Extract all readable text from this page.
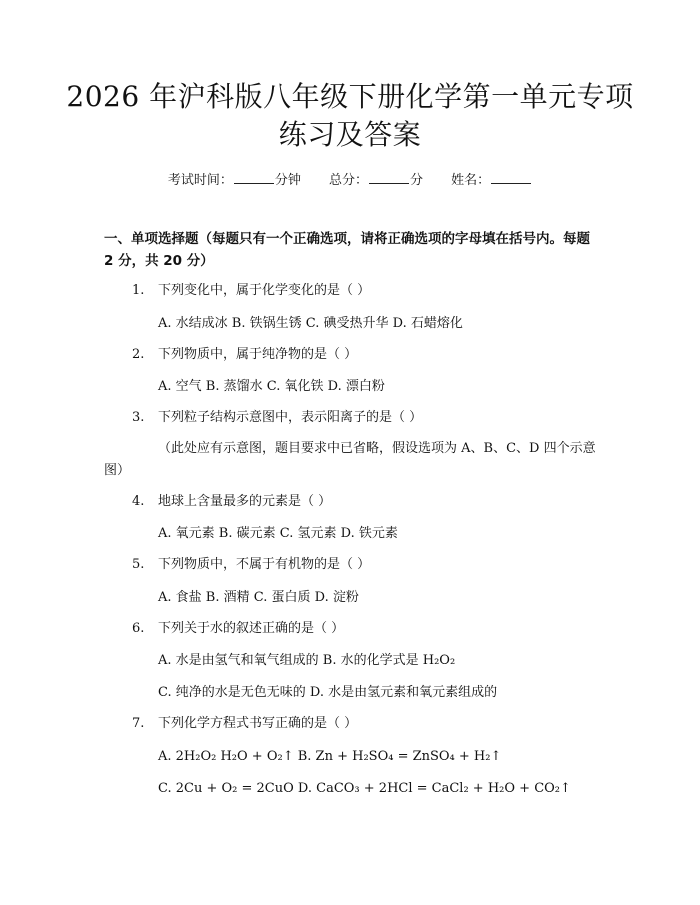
2026 年沪科版八年级下册化学第一单元专项
练习及答案
考试时间：	分钟 总分：	分 姓名：
一、单项选择题（每题只有一个正确选项，请将正确选项的字母填在括号内。每题 2 分，共 20 分）
1. 下列变化中，属于化学变化的是（ ）
A. 水结成冰 B. 铁锅生锈 C. 碘受热升华 D. 石蜡熔化
2. 下列物质中，属于纯净物的是（ ）
A. 空气 B. 蒸馏水 C. 氧化铁 D. 漂白粉
3. 下列粒子结构示意图中，表示阳离子的是（ ）
（此处应有示意图，题目要求中已省略，假设选项为 A、B、C、D 四个示意图）
4. 地球上含量最多的元素是（ ）
A. 氧元素 B. 碳元素 C. 氢元素 D. 铁元素
5. 下列物质中，不属于有机物的是（ ）
A. 食盐 B. 酒精 C. 蛋白质 D. 淀粉
6. 下列关于水的叙述正确的是（ ）
A. 水是由氢气和氧气组成的 B. 水的化学式是 H₂O₂
C. 纯净的水是无色无味的 D. 水是由氢元素和氧元素组成的
7. 下列化学方程式书写正确的是（ ）
A. 2H₂O₂ H₂O + O₂↑ B. Zn + H₂SO₄ = ZnSO₄ + H₂↑
C. 2Cu + O₂ = 2CuO D. CaCO₃ + 2HCl = CaCl₂ + H₂O + CO₂↑
